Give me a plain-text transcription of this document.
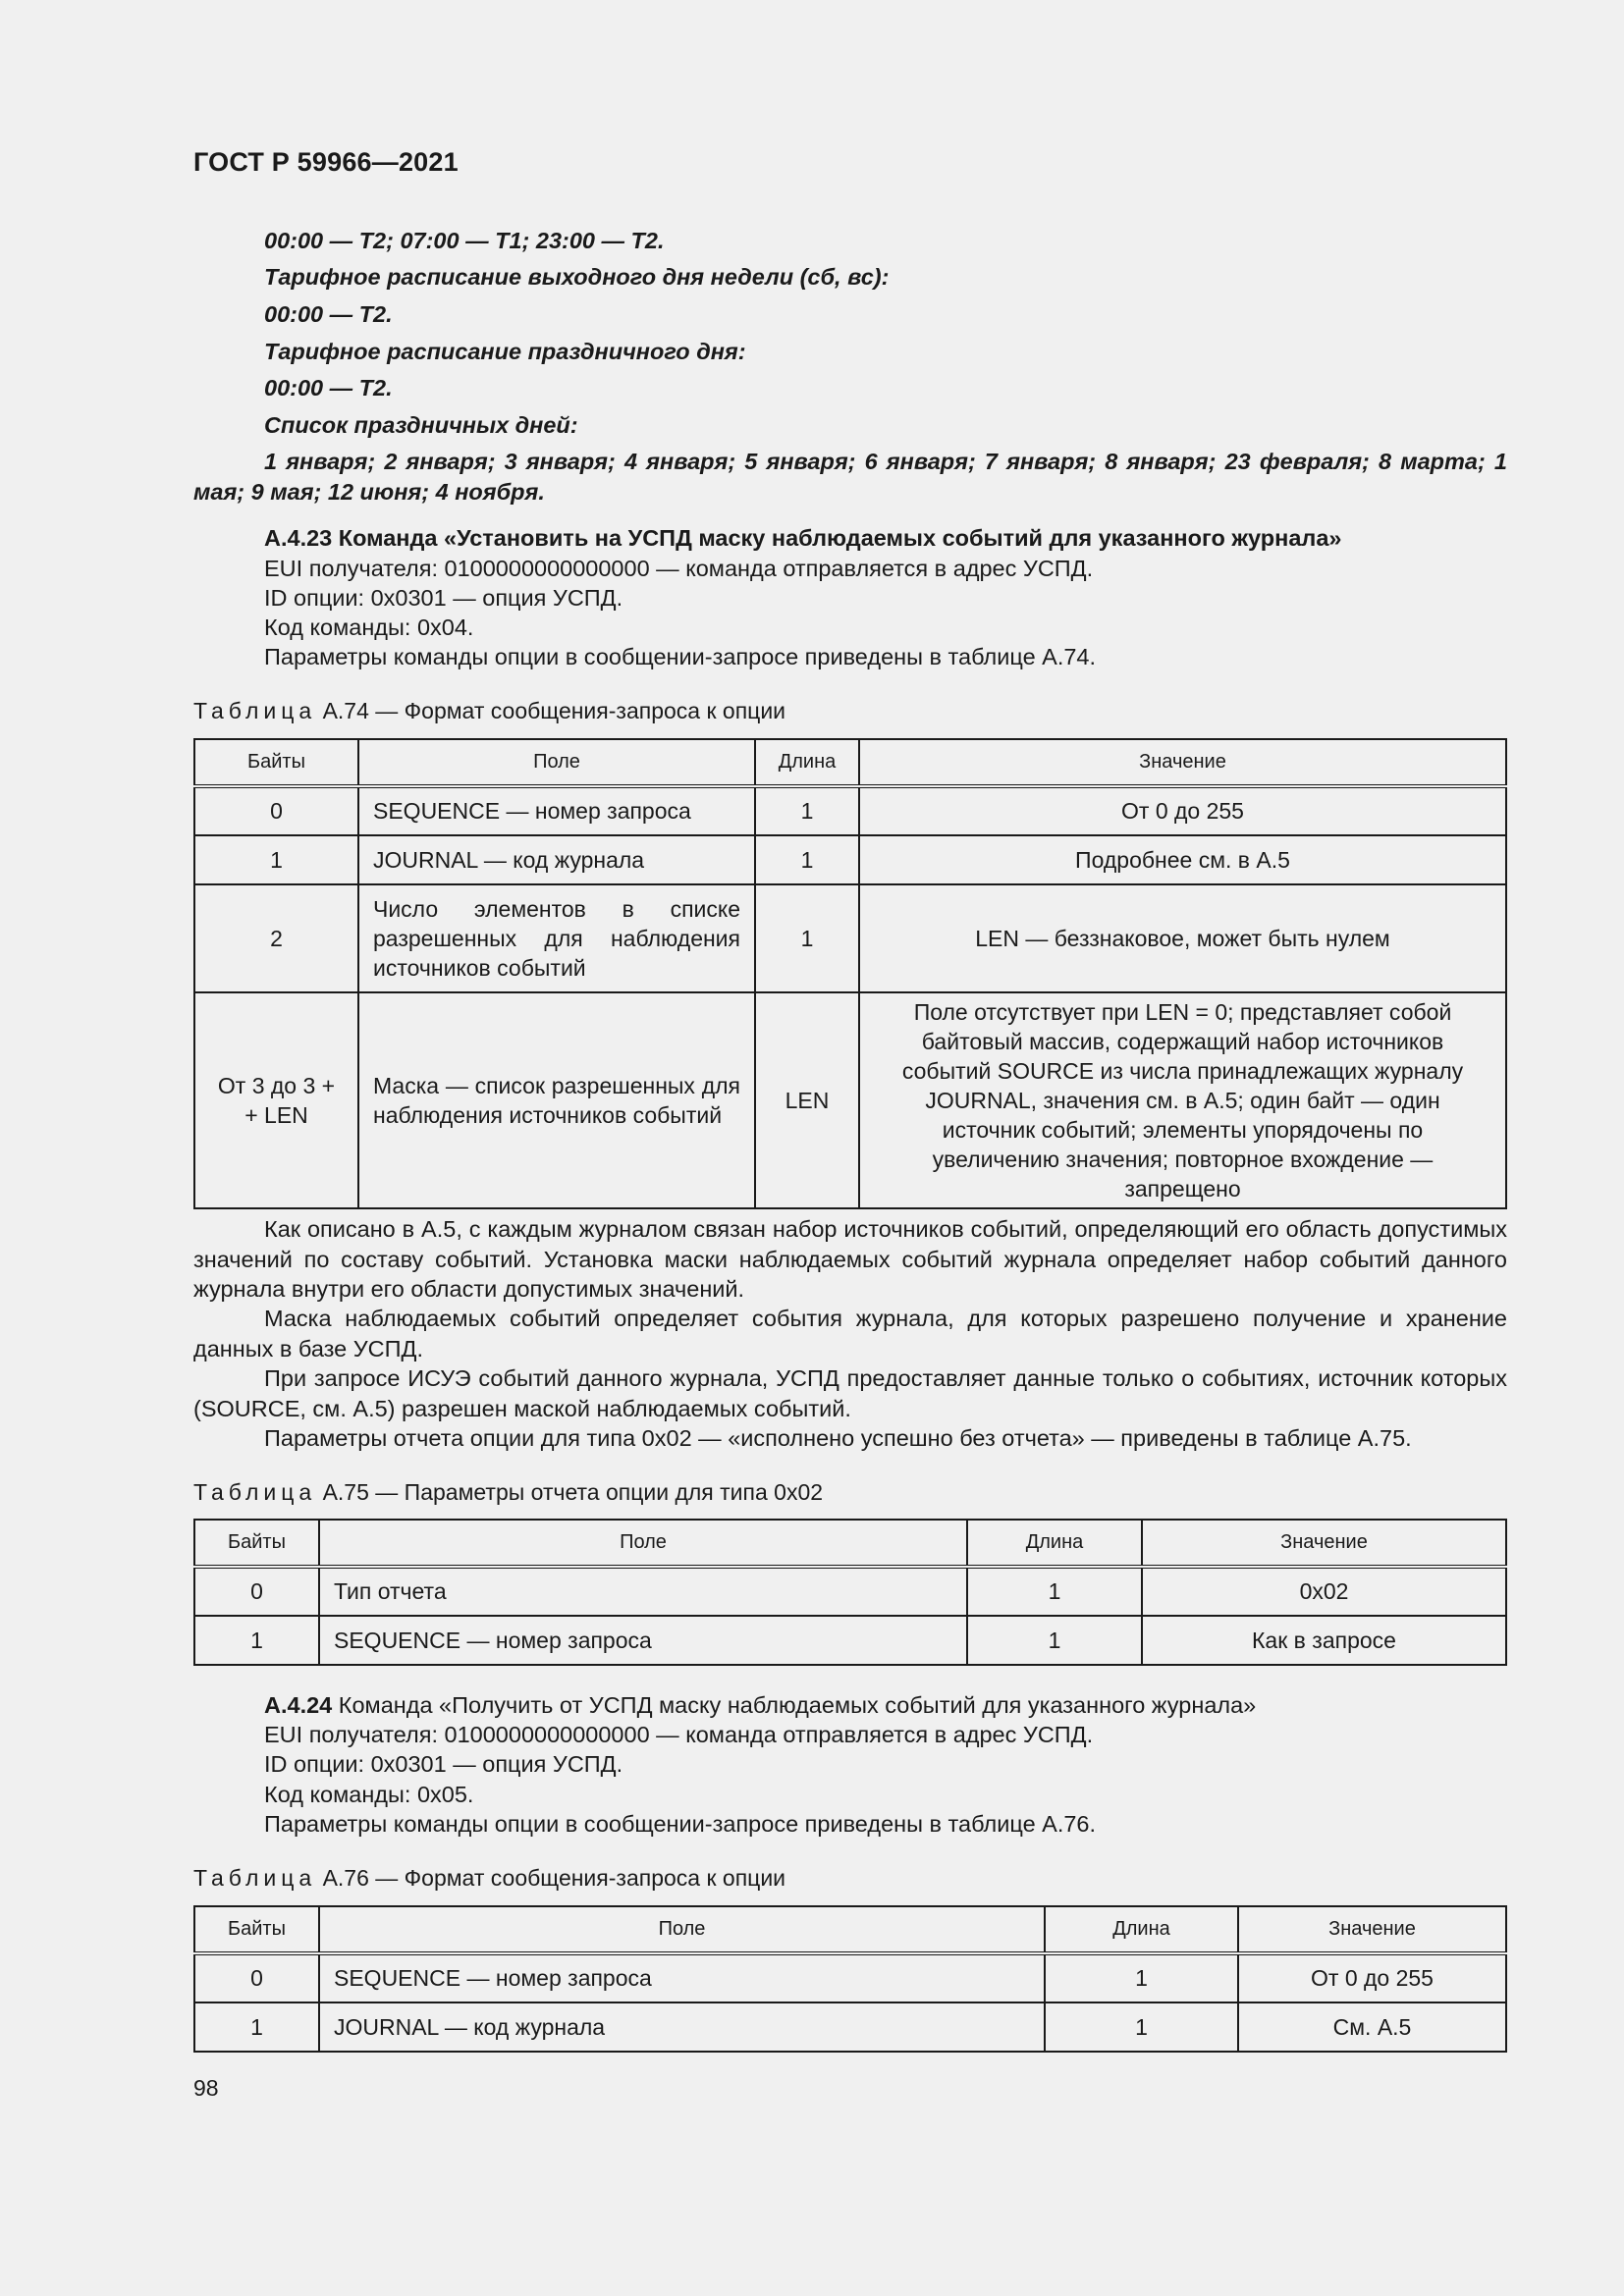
ГОСТ Р 59966—2021
00:00 — Т2; 07:00 — Т1; 23:00 — Т2.
Тарифное расписание выходного дня недели (сб, вс):
00:00 — Т2.
Тарифное расписание праздничного дня:
00:00 — Т2.
Список праздничных дней:
1 января; 2 января; 3 января; 4 января; 5 января; 6 января; 7 января; 8 января; 23 февраля; 8 марта; 1 мая; 9 мая; 12 июня; 4 ноября.
А.4.23 Команда «Установить на УСПД маску наблюдаемых событий для указанного журнала»
EUI получателя: 0100000000000000 — команда отправляется в адрес УСПД.
ID опции: 0x0301 — опция УСПД.
Код команды: 0x04.
Параметры команды опции в сообщении-запросе приведены в таблице А.74.
Таблица А.74 — Формат сообщения-запроса к опции
Байты	Поле	Длина	Значение
0	SEQUENCE — номер запроса	1	От 0 до 255
1	JOURNAL — код журнала	1	Подробнее см. в А.5
2	Число элементов в списке разрешенных для наблюдения источников событий	1	LEN — беззнаковое, может быть нулем
От 3 до 3 + + LEN	Маска — список разрешенных для наблюдения источников событий	LEN	Поле отсутствует при LEN = 0; представляет собой байтовый массив, содержащий набор источников событий SOURCE из числа принадлежащих журналу JOURNAL, значения см. в А.5; один байт — один источник событий; элементы упорядочены по увеличению значения; повторное вхождение — запрещено
Как описано в А.5, с каждым журналом связан набор источников событий, определяющий его область допустимых значений по составу событий. Установка маски наблюдаемых событий журнала определяет набор событий данного журнала внутри его области допустимых значений.
Маска наблюдаемых событий определяет события журнала, для которых разрешено получение и хранение данных в базе УСПД.
При запросе ИСУЭ событий данного журнала, УСПД предоставляет данные только о событиях, источник которых (SOURCE, см. А.5) разрешен маской наблюдаемых событий.
Параметры отчета опции для типа 0x02 — «исполнено успешно без отчета» — приведены в таблице А.75.
Таблица А.75 — Параметры отчета опции для типа 0x02
Байты	Поле	Длина	Значение
0	Тип отчета	1	0x02
1	SEQUENCE — номер запроса	1	Как в запросе
А.4.24 Команда «Получить от УСПД маску наблюдаемых событий для указанного журнала»
EUI получателя: 0100000000000000 — команда отправляется в адрес УСПД.
ID опции: 0x0301 — опция УСПД.
Код команды: 0x05.
Параметры команды опции в сообщении-запросе приведены в таблице А.76.
Таблица А.76 — Формат сообщения-запроса к опции
Байты	Поле	Длина	Значение
0	SEQUENCE — номер запроса	1	От 0 до 255
1	JOURNAL — код журнала	1	См. А.5
98
